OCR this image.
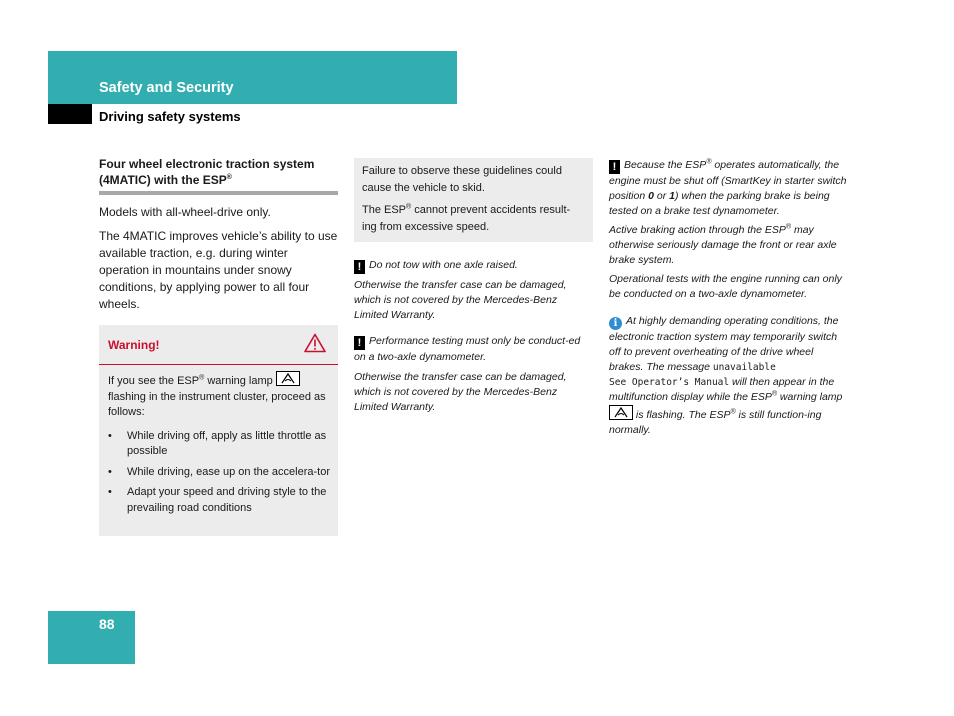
Safety and Security
Driving safety systems
Four wheel electronic traction system
(4MATIC) with the ESP®
Models with all-wheel-drive only.
The 4MATIC improves vehicle’s ability to use available traction, e.g. during winter operation in mountains under snowy conditions, by applying power to all four wheels.
Warning!
If you see the ESP® warning lamp
flashing in the instrument cluster, proceed as follows:
• While driving off, apply as little throttle as possible
• While driving, ease up on the accelera-tor
• Adapt your speed and driving style to the prevailing road conditions
Failure to observe these guidelines could cause the vehicle to skid.
The ESP® cannot prevent accidents result-ing from excessive speed.
! Do not tow with one axle raised.
Otherwise the transfer case can be damaged, which is not covered by the Mercedes-Benz Limited Warranty.
! Performance testing must only be conduct-ed on a two-axle dynamometer.
Otherwise the transfer case can be damaged, which is not covered by the Mercedes-Benz Limited Warranty.
! Because the ESP® operates automatically, the engine must be shut off (SmartKey in starter switch position 0 or 1) when the parking brake is being tested on a brake test dynamometer.
Active braking action through the ESP® may otherwise seriously damage the front or rear axle brake system.
Operational tests with the engine running can only be conducted on a two-axle dynamometer.
i At highly demanding operating conditions, the electronic traction system may temporarily switch off to prevent overheating of the drive wheel brakes. The message unavailable
See Operator’s Manual will then appear in the multifunction display while the ESP® warning lamp
is flashing. The ESP® is still function-ing normally.
88
